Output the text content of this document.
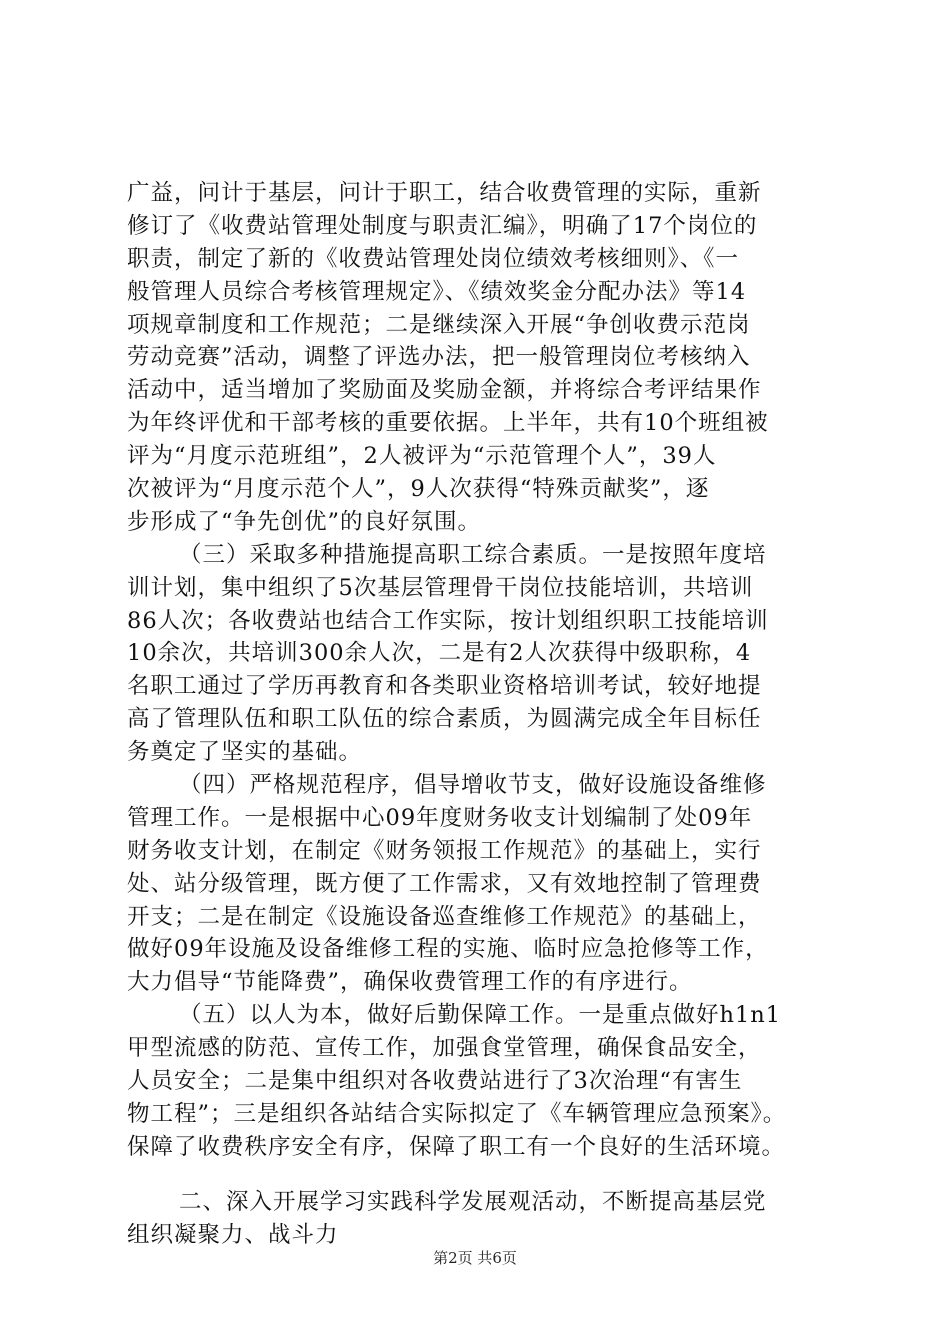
广益，问计于基层，问计于职工，结合收费管理的实际，重新
修订了《收费站管理处制度与职责汇编》，明确了17个岗位的
职责，制定了新的《收费站管理处岗位绩效考核细则》、《一
般管理人员综合考核管理规定》、《绩效奖金分配办法》等14
项规章制度和工作规范；二是继续深入开展“争创收费示范岗
劳动竞赛”活动，调整了评选办法，把一般管理岗位考核纳入
活动中，适当增加了奖励面及奖励金额，并将综合考评结果作
为年终评优和干部考核的重要依据。上半年，共有10个班组被
评为“月度示范班组”，2人被评为“示范管理个人”，39人
次被评为“月度示范个人”，9人次获得“特殊贡献奖”，逐
步形成了“争先创优”的良好氛围。
（三）采取多种措施提高职工综合素质。一是按照年度培
训计划，集中组织了5次基层管理骨干岗位技能培训，共培训
86人次；各收费站也结合工作实际，按计划组织职工技能培训
10余次，共培训300余人次，二是有2人次获得中级职称，4
名职工通过了学历再教育和各类职业资格培训考试，较好地提
高了管理队伍和职工队伍的综合素质，为圆满完成全年目标任
务奠定了坚实的基础。
（四）严格规范程序，倡导增收节支，做好设施设备维修
管理工作。一是根据中心09年度财务收支计划编制了处09年
财务收支计划，在制定《财务领报工作规范》的基础上，实行
处、站分级管理，既方便了工作需求，又有效地控制了管理费
开支；二是在制定《设施设备巡查维修工作规范》的基础上，
做好09年设施及设备维修工程的实施、临时应急抢修等工作，
大力倡导“节能降费”，确保收费管理工作的有序进行。
（五）以人为本，做好后勤保障工作。一是重点做好h1n1
甲型流感的防范、宣传工作，加强食堂管理，确保食品安全，
人员安全；二是集中组织对各收费站进行了3次治理“有害生
物工程”；三是组织各站结合实际拟定了《车辆管理应急预案》。
保障了收费秩序安全有序，保障了职工有一个良好的生活环境。
二、深入开展学习实践科学发展观活动，不断提高基层党
组织凝聚力、战斗力
第2页 共6页
